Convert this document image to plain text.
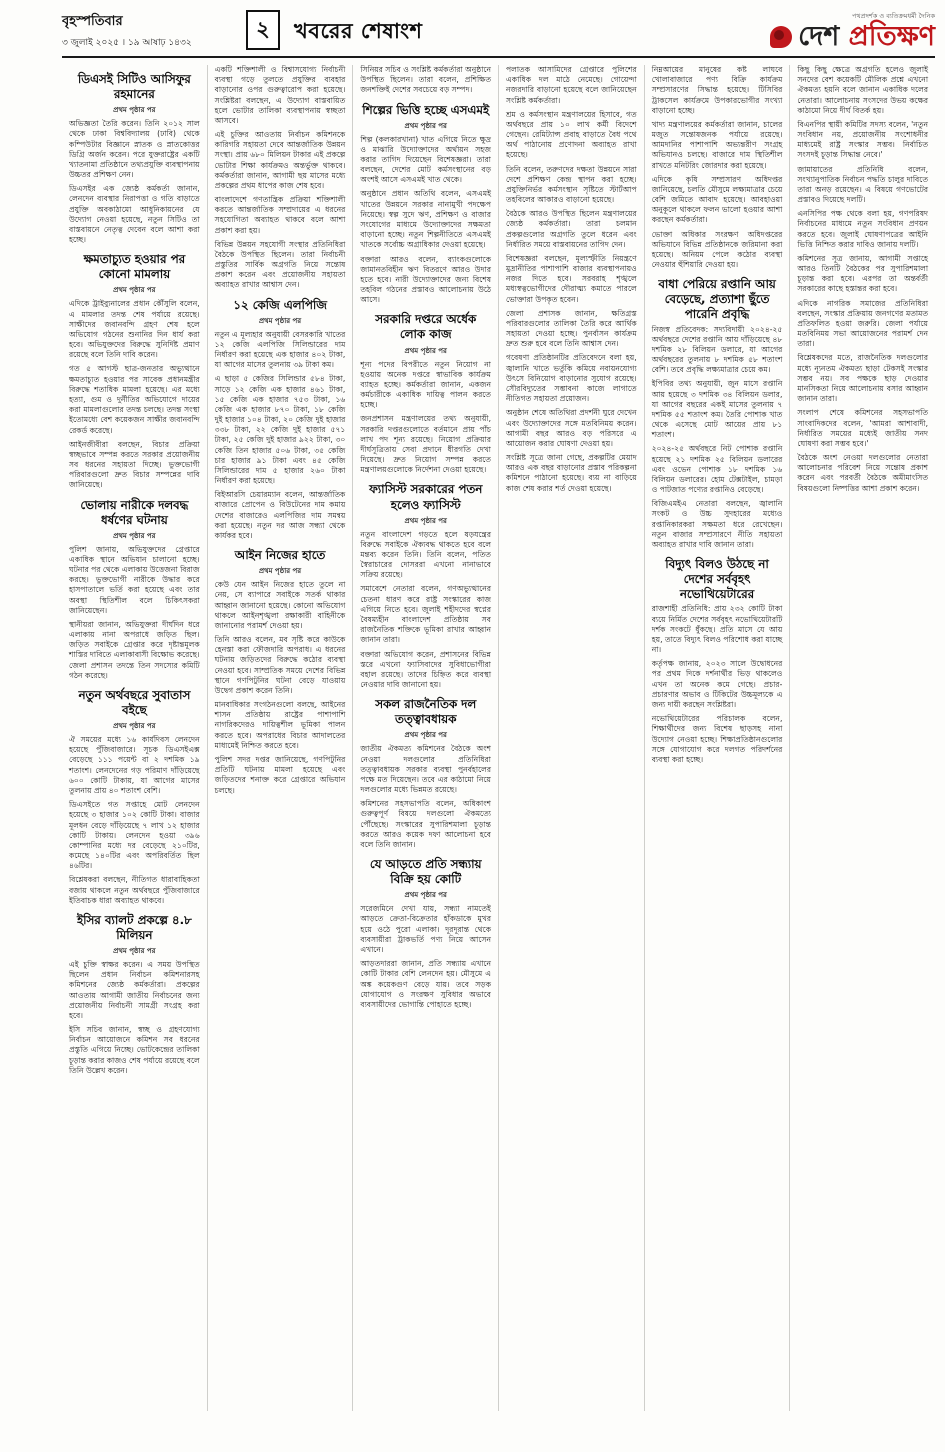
বৃহস্পতিবার
৩ জুলাই ২০২৫ । ১৯ আষাঢ় ১৪৩২
২ খবরের শেষাংশ
পথপ্রদর্শক ও ব্যতিক্রমধর্মী দৈনিক
দেশ প্রতিক্ষণ
ডিএসই সিটিও আসিফুর রহমানের
প্রথম পৃষ্ঠার পর

অভিজ্ঞতা তৈরি করেন। তিনি ২০১২ সাল থেকে ঢাকা বিশ্ববিদ্যালয় (ঢাবি) থেকে কম্পিউটার বিজ্ঞানে স্নাতক ও স্নাতকোত্তর ডিগ্রি অর্জন করেন। পরে যুক্তরাষ্ট্রের একটি খ্যাতনামা প্রতিষ্ঠানে তথ্যপ্রযুক্তি ব্যবস্থাপনায় উচ্চতর প্রশিক্ষণ নেন।

ডিএসইর এক জ্যেষ্ঠ কর্মকর্তা জানান, লেনদেন ব্যবস্থার নিরাপত্তা ও গতি বাড়াতে প্রযুক্তি অবকাঠামো আধুনিকায়নের যে উদ্যোগ নেওয়া হয়েছে, নতুন সিটিও তা বাস্তবায়নে নেতৃত্ব দেবেন বলে আশা করা হচ্ছে।

ক্ষমতাচ্যুত হওয়ার পর কোনো মামলায়
প্রথম পৃষ্ঠার পর

এদিকে ট্রাইব্যুনালের প্রধান কৌঁসুলি বলেন, এ মামলার তদন্ত শেষ পর্যায়ে রয়েছে। সাক্ষীদের জবানবন্দি গ্রহণ শেষ হলে অভিযোগ গঠনের শুনানির দিন ধার্য করা হবে। অভিযুক্তদের বিরুদ্ধে সুনির্দিষ্ট প্রমাণ রয়েছে বলে তিনি দাবি করেন।

গত ৫ আগস্ট ছাত্র-জনতার অভ্যুত্থানে ক্ষমতাচ্যুত হওয়ার পর সাবেক প্রধানমন্ত্রীর বিরুদ্ধে শতাধিক মামলা হয়েছে। এর মধ্যে হত্যা, গুম ও দুর্নীতির অভিযোগে দায়ের করা মামলাগুলোর তদন্ত চলছে। তদন্ত সংস্থা ইতোমধ্যে বেশ কয়েকজন সাক্ষীর জবানবন্দি রেকর্ড করেছে।

আইনজীবীরা বলছেন, বিচার প্রক্রিয়া স্বচ্ছভাবে সম্পন্ন করতে সরকার প্রয়োজনীয় সব ধরনের সহায়তা দিচ্ছে। ভুক্তভোগী পরিবারগুলো দ্রুত বিচার সম্পন্নের দাবি জানিয়েছে।

ভোলায় নারীকে দলবদ্ধ ধর্ষণের ঘটনায়
প্রথম পৃষ্ঠার পর

পুলিশ জানায়, অভিযুক্তদের গ্রেপ্তারে একাধিক স্থানে অভিযান চালানো হচ্ছে। ঘটনার পর থেকে এলাকায় উত্তেজনা বিরাজ করছে। ভুক্তভোগী নারীকে উদ্ধার করে হাসপাতালে ভর্তি করা হয়েছে এবং তার অবস্থা স্থিতিশীল বলে চিকিৎসকরা জানিয়েছেন।

স্থানীয়রা জানান, অভিযুক্তরা দীর্ঘদিন ধরে এলাকায় নানা অপরাধে জড়িত ছিল। জড়িত সবাইকে গ্রেপ্তার করে দৃষ্টান্তমূলক শাস্তির দাবিতে এলাকাবাসী বিক্ষোভ করেছে। জেলা প্রশাসন তদন্তে তিন সদস্যের কমিটি গঠন করেছে।

নতুন অর্থবছরে সুবাতাস বইছে
প্রথম পৃষ্ঠার পর

ঐ সময়ের মধ্যে ১৬ কার্যদিবস লেনদেন হয়েছে পুঁজিবাজারে। সূচক ডিএসইএক্স বেড়েছে ১১১ পয়েন্ট বা ২ দশমিক ১৯ শতাংশ। লেনদেনের গড় পরিমাণ দাঁড়িয়েছে ৬০০ কোটি টাকায়, যা আগের মাসের তুলনায় প্রায় ৪০ শতাংশ বেশি।

ডিএসইতে গত সপ্তাহে মোট লেনদেন হয়েছে ৩ হাজার ১০২ কোটি টাকা। বাজার মূলধন বেড়ে দাঁড়িয়েছে ৭ লাখ ১২ হাজার কোটি টাকায়। লেনদেন হওয়া ৩৯৬ কোম্পানির মধ্যে দর বেড়েছে ২১০টির, কমেছে ১৪০টির এবং অপরিবর্তিত ছিল ৪৬টির।

বিশ্লেষকরা বলছেন, নীতিগত ধারাবাহিকতা বজায় থাকলে নতুন অর্থবছরে পুঁজিবাজারে ইতিবাচক ধারা অব্যাহত থাকবে।

ইসির ব্যালট প্রকল্পে ৪.৮ মিলিয়ন
প্রথম পৃষ্ঠার পর

এই চুক্তি স্বাক্ষর করেন। এ সময় উপস্থিত ছিলেন প্রধান নির্বাচন কমিশনারসহ কমিশনের জ্যেষ্ঠ কর্মকর্তারা। প্রকল্পের আওতায় আগামী জাতীয় নির্বাচনের জন্য প্রয়োজনীয় নির্বাচনী সামগ্রী সংগ্রহ করা হবে।

ইসি সচিব জানান, স্বচ্ছ ও গ্রহণযোগ্য নির্বাচন আয়োজনে কমিশন সব ধরনের প্রস্তুতি এগিয়ে নিচ্ছে। ভোটকেন্দ্রের তালিকা চূড়ান্ত করার কাজও শেষ পর্যায়ে রয়েছে বলে তিনি উল্লেখ করেন।

একটি শক্তিশালী ও বিশ্বাসযোগ্য নির্বাচনী ব্যবস্থা গড়ে তুলতে প্রযুক্তির ব্যবহার বাড়ানোর ওপর গুরুত্বারোপ করা হয়েছে। সংশ্লিষ্টরা বলছেন, এ উদ্যোগ বাস্তবায়িত হলে ভোটার তালিকা ব্যবস্থাপনায় স্বচ্ছতা আসবে।

এই চুক্তির আওতায় নির্বাচন কমিশনকে কারিগরি সহায়তা দেবে আন্তর্জাতিক উন্নয়ন সংস্থা। প্রায় ৬৮০ মিলিয়ন টাকার এই প্রকল্পে ভোটার শিক্ষা কার্যক্রমও অন্তর্ভুক্ত থাকবে। কর্মকর্তারা জানান, আগামী ছয় মাসের মধ্যে প্রকল্পের প্রথম ধাপের কাজ শেষ হবে।

বাংলাদেশে গণতান্ত্রিক প্রক্রিয়া শক্তিশালী করতে আন্তর্জাতিক সম্প্রদায়ের এ ধরনের সহযোগিতা অব্যাহত থাকবে বলে আশা প্রকাশ করা হয়।

বিভিন্ন উন্নয়ন সহযোগী সংস্থার প্রতিনিধিরা বৈঠকে উপস্থিত ছিলেন। তারা নির্বাচনী প্রস্তুতির সার্বিক অগ্রগতি নিয়ে সন্তোষ প্রকাশ করেন এবং প্রয়োজনীয় সহায়তা অব্যাহত রাখার আশ্বাস দেন।

১২ কেজি এলপিজি
প্রথম পৃষ্ঠার পর

নতুন এ মূল্যহার অনুযায়ী বেসরকারি খাতের ১২ কেজি এলপিজি সিলিন্ডারের দাম নির্ধারণ করা হয়েছে এক হাজার ৪০২ টাকা, যা আগের মাসের তুলনায় ৩৯ টাকা কম।

এ ছাড়া ৫ কেজির সিলিন্ডার ৫৮৪ টাকা, সাড়ে ১২ কেজি এক হাজার ৪৬১ টাকা, ১৫ কেজি এক হাজার ৭৫৩ টাকা, ১৬ কেজি এক হাজার ৮৭০ টাকা, ১৮ কেজি দুই হাজার ১০৪ টাকা, ২০ কেজি দুই হাজার ৩৩৮ টাকা, ২২ কেজি দুই হাজার ৫৭১ টাকা, ২৫ কেজি দুই হাজার ৯২২ টাকা, ৩০ কেজি তিন হাজার ৫০৬ টাকা, ৩৫ কেজি চার হাজার ৯১ টাকা এবং ৪৫ কেজি সিলিন্ডারের দাম ৫ হাজার ২৬০ টাকা নির্ধারণ করা হয়েছে।

বিইআরসি চেয়ারম্যান বলেন, আন্তর্জাতিক বাজারে প্রোপেন ও বিউটেনের দাম কমায় দেশের বাজারেও এলপিজির দাম সমন্বয় করা হয়েছে। নতুন দর আজ সন্ধ্যা থেকে কার্যকর হবে।

আইন নিজের হাতে
প্রথম পৃষ্ঠার পর

কেউ যেন আইন নিজের হাতে তুলে না নেয়, সে ব্যাপারে সবাইকে সতর্ক থাকার আহ্বান জানানো হয়েছে। কোনো অভিযোগ থাকলে আইনশৃঙ্খলা রক্ষাকারী বাহিনীকে জানানোর পরামর্শ দেওয়া হয়।

তিনি আরও বলেন, মব সৃষ্টি করে কাউকে হেনস্তা করা ফৌজদারি অপরাধ। এ ধরনের ঘটনায় জড়িতদের বিরুদ্ধে কঠোর ব্যবস্থা নেওয়া হবে। সাম্প্রতিক সময়ে দেশের বিভিন্ন স্থানে গণপিটুনির ঘটনা বেড়ে যাওয়ায় উদ্বেগ প্রকাশ করেন তিনি।

মানবাধিকার সংগঠনগুলো বলছে, আইনের শাসন প্রতিষ্ঠায় রাষ্ট্রের পাশাপাশি নাগরিকদেরও দায়িত্বশীল ভূমিকা পালন করতে হবে। অপরাধের বিচার আদালতের মাধ্যমেই নিশ্চিত করতে হবে।

পুলিশ সদর দপ্তর জানিয়েছে, গণপিটুনির প্রতিটি ঘটনায় মামলা হয়েছে এবং জড়িতদের শনাক্ত করে গ্রেপ্তারে অভিযান চলছে।

সিনিয়র সচিব ও সংশ্লিষ্ট কর্মকর্তারা অনুষ্ঠানে উপস্থিত ছিলেন। তারা বলেন, প্রশিক্ষিত জনশক্তিই দেশের সবচেয়ে বড় সম্পদ।

শিল্পের ভিত্তি হচ্ছে এসএমই
প্রথম পৃষ্ঠার পর

শিল্প (কলকারখানা) খাত এগিয়ে নিতে ক্ষুদ্র ও মাঝারি উদ্যোক্তাদের অর্থায়ন সহজ করার তাগিদ দিয়েছেন বিশেষজ্ঞরা। তারা বলছেন, দেশের মোট কর্মসংস্থানের বড় অংশই আসে এসএমই খাত থেকে।

অনুষ্ঠানে প্রধান অতিথি বলেন, এসএমই খাতের উন্নয়নে সরকার নানামুখী পদক্ষেপ নিয়েছে। স্বল্প সুদে ঋণ, প্রশিক্ষণ ও বাজার সংযোগের মাধ্যমে উদ্যোক্তাদের সক্ষমতা বাড়ানো হচ্ছে। নতুন শিল্পনীতিতে এসএমই খাতকে সর্বোচ্চ অগ্রাধিকার দেওয়া হয়েছে।

বক্তারা আরও বলেন, ব্যাংকগুলোকে জামানতবিহীন ঋণ বিতরণে আরও উদার হতে হবে। নারী উদ্যোক্তাদের জন্য বিশেষ তহবিল গঠনের প্রস্তাবও আলোচনায় উঠে আসে।

সরকারি দপ্তরে অর্ধেক লোক কাজ
প্রথম পৃষ্ঠার পর

শূন্য পদের বিপরীতে নতুন নিয়োগ না হওয়ায় অনেক দপ্তরে স্বাভাবিক কার্যক্রম ব্যাহত হচ্ছে। কর্মকর্তারা জানান, একজন কর্মচারীকে একাধিক দায়িত্ব পালন করতে হচ্ছে।

জনপ্রশাসন মন্ত্রণালয়ের তথ্য অনুযায়ী, সরকারি দপ্তরগুলোতে বর্তমানে প্রায় পাঁচ লাখ পদ শূন্য রয়েছে। নিয়োগ প্রক্রিয়ার দীর্ঘসূত্রিতায় সেবা প্রদানে ধীরগতি দেখা দিয়েছে। দ্রুত নিয়োগ সম্পন্ন করতে মন্ত্রণালয়গুলোকে নির্দেশনা দেওয়া হয়েছে।

ফ্যাসিস্ট সরকারের পতন হলেও ফ্যাসিস্ট
প্রথম পৃষ্ঠার পর

নতুন বাংলাদেশ গড়তে হলে ষড়যন্ত্রের বিরুদ্ধে সবাইকে ঐক্যবদ্ধ থাকতে হবে বলে মন্তব্য করেন তিনি। তিনি বলেন, পতিত স্বৈরাচারের দোসররা এখনো নানাভাবে সক্রিয় রয়েছে।

সমাবেশে নেতারা বলেন, গণঅভ্যুত্থানের চেতনা ধারণ করে রাষ্ট্র সংস্কারের কাজ এগিয়ে নিতে হবে। জুলাই শহীদদের স্বপ্নের বৈষম্যহীন বাংলাদেশ প্রতিষ্ঠায় সব রাজনৈতিক শক্তিকে ভূমিকা রাখার আহ্বান জানান তারা।

বক্তারা অভিযোগ করেন, প্রশাসনের বিভিন্ন স্তরে এখনো ফ্যাসিবাদের সুবিধাভোগীরা বহাল রয়েছে। তাদের চিহ্নিত করে ব্যবস্থা নেওয়ার দাবি জানানো হয়।

সকল রাজনৈতিক দল তত্ত্বাবধায়ক
প্রথম পৃষ্ঠার পর

জাতীয় ঐকমত্য কমিশনের বৈঠকে অংশ নেওয়া দলগুলোর প্রতিনিধিরা তত্ত্বাবধায়ক সরকার ব্যবস্থা পুনর্বহালের পক্ষে মত দিয়েছেন। তবে এর কাঠামো নিয়ে দলগুলোর মধ্যে ভিন্নমত রয়েছে।

কমিশনের সহসভাপতি বলেন, অধিকাংশ গুরুত্বপূর্ণ বিষয়ে দলগুলো ঐকমত্যে পৌঁছেছে। সংস্কারের সুপারিশমালা চূড়ান্ত করতে আরও কয়েক দফা আলোচনা হবে বলে তিনি জানান।

যে আড়তে প্রতি সন্ধ্যায় বিক্রি হয় কোটি
প্রথম পৃষ্ঠার পর

সরেজমিনে দেখা যায়, সন্ধ্যা নামতেই আড়তে ক্রেতা-বিক্রেতার হাঁকডাকে মুখর হয়ে ওঠে পুরো এলাকা। দূরদূরান্ত থেকে ব্যবসায়ীরা ট্রাকভর্তি পণ্য নিয়ে আসেন এখানে।

আড়তদাররা জানান, প্রতি সন্ধ্যায় এখানে কোটি টাকার বেশি লেনদেন হয়। মৌসুমে এ অঙ্ক কয়েকগুণ বেড়ে যায়। তবে সড়ক যোগাযোগ ও সংরক্ষণ সুবিধার অভাবে ব্যবসায়ীদের ভোগান্তি পোহাতে হচ্ছে।

পলাতক আসামিদের গ্রেপ্তারে পুলিশের একাধিক দল মাঠে নেমেছে। গোয়েন্দা নজরদারি বাড়ানো হয়েছে বলে জানিয়েছেন সংশ্লিষ্ট কর্মকর্তারা।

শ্রম ও কর্মসংস্থান মন্ত্রণালয়ের হিসাবে, গত অর্থবছরে প্রায় ১০ লাখ কর্মী বিদেশে গেছেন। রেমিট্যান্স প্রবাহ বাড়াতে বৈধ পথে অর্থ পাঠানোয় প্রণোদনা অব্যাহত রাখা হয়েছে।

তিনি বলেন, তরুণদের দক্ষতা উন্নয়নে সারা দেশে প্রশিক্ষণ কেন্দ্র স্থাপন করা হচ্ছে। প্রযুক্তিনির্ভর কর্মসংস্থান সৃষ্টিতে স্টার্টআপ তহবিলের আকারও বাড়ানো হয়েছে।

বৈঠকে আরও উপস্থিত ছিলেন মন্ত্রণালয়ের জ্যেষ্ঠ কর্মকর্তারা। তারা চলমান প্রকল্পগুলোর অগ্রগতি তুলে ধরেন এবং নির্ধারিত সময়ে বাস্তবায়নের তাগিদ দেন।

বিশেষজ্ঞরা বলছেন, মূল্যস্ফীতি নিয়ন্ত্রণে মুদ্রানীতির পাশাপাশি বাজার ব্যবস্থাপনায়ও নজর দিতে হবে। সরবরাহ শৃঙ্খলে মধ্যস্বত্বভোগীদের দৌরাত্ম্য কমাতে পারলে ভোক্তারা উপকৃত হবেন।

জেলা প্রশাসক জানান, ক্ষতিগ্রস্ত পরিবারগুলোর তালিকা তৈরি করে আর্থিক সহায়তা দেওয়া হচ্ছে। পুনর্বাসন কার্যক্রম দ্রুত শুরু হবে বলে তিনি আশ্বাস দেন।

গবেষণা প্রতিষ্ঠানটির প্রতিবেদনে বলা হয়, জ্বালানি খাতে ভর্তুকি কমিয়ে নবায়নযোগ্য উৎসে বিনিয়োগ বাড়ানোর সুযোগ রয়েছে। সৌরবিদ্যুতের সম্ভাবনা কাজে লাগাতে নীতিগত সহায়তা প্রয়োজন।

অনুষ্ঠান শেষে অতিথিরা প্রদর্শনী ঘুরে দেখেন এবং উদ্যোক্তাদের সঙ্গে মতবিনিময় করেন। আগামী বছর আরও বড় পরিসরে এ আয়োজন করার ঘোষণা দেওয়া হয়।

সংশ্লিষ্ট সূত্রে জানা গেছে, প্রকল্পটির মেয়াদ আরও এক বছর বাড়ানোর প্রস্তাব পরিকল্পনা কমিশনে পাঠানো হয়েছে। ব্যয় না বাড়িয়ে কাজ শেষ করার শর্ত দেওয়া হয়েছে।

নিম্নআয়ের মানুষের কষ্ট লাঘবে খোলাবাজারে পণ্য বিক্রি কার্যক্রম সম্প্রসারণের সিদ্ধান্ত হয়েছে। টিসিবির ট্রাকসেল কার্যক্রমে উপকারভোগীর সংখ্যা বাড়ানো হচ্ছে।

খাদ্য মন্ত্রণালয়ের কর্মকর্তারা জানান, চালের মজুত সন্তোষজনক পর্যায়ে রয়েছে। আমদানির পাশাপাশি অভ্যন্তরীণ সংগ্রহ অভিযানও চলছে। বাজারে দাম স্থিতিশীল রাখতে মনিটরিং জোরদার করা হয়েছে।

এদিকে কৃষি সম্প্রসারণ অধিদপ্তর জানিয়েছে, চলতি মৌসুমে লক্ষ্যমাত্রার চেয়ে বেশি জমিতে আবাদ হয়েছে। আবহাওয়া অনুকূলে থাকলে ফলন ভালো হওয়ার আশা করছেন কর্মকর্তারা।

ভোক্তা অধিকার সংরক্ষণ অধিদপ্তরের অভিযানে বিভিন্ন প্রতিষ্ঠানকে জরিমানা করা হয়েছে। অনিয়ম পেলে কঠোর ব্যবস্থা নেওয়ার হুঁশিয়ারি দেওয়া হয়।

বাধা পেরিয়ে রপ্তানি আয় বেড়েছে, প্রত্যাশা ছুঁতে পারেনি প্রবৃদ্ধি

নিজস্ব প্রতিবেদক: সদ্যবিদায়ী ২০২৪-২৫ অর্থবছরে দেশের রপ্তানি আয় দাঁড়িয়েছে ৪৮ দশমিক ২৮ বিলিয়ন ডলারে, যা আগের অর্থবছরের তুলনায় ৮ দশমিক ৫৮ শতাংশ বেশি। তবে প্রবৃদ্ধি লক্ষ্যমাত্রার চেয়ে কম।

ইপিবির তথ্য অনুযায়ী, জুন মাসে রপ্তানি আয় হয়েছে ৩ দশমিক ৩৪ বিলিয়ন ডলার, যা আগের বছরের একই মাসের তুলনায় ৭ দশমিক ৫৫ শতাংশ কম। তৈরি পোশাক খাত থেকে এসেছে মোট আয়ের প্রায় ৮১ শতাংশ।

২০২৪-২৫ অর্থবছরে নিট পোশাক রপ্তানি হয়েছে ২১ দশমিক ২৫ বিলিয়ন ডলারের এবং ওভেন পোশাক ১৮ দশমিক ১৬ বিলিয়ন ডলারের। হোম টেক্সটাইল, চামড়া ও পাটজাত পণ্যের রপ্তানিও বেড়েছে।

বিজিএমইএ নেতারা বলছেন, জ্বালানি সংকট ও উচ্চ সুদহারের মধ্যেও রপ্তানিকারকরা সক্ষমতা ধরে রেখেছেন। নতুন বাজার সম্প্রসারণে নীতি সহায়তা অব্যাহত রাখার দাবি জানান তারা।

বিদ্যুৎ বিলও উঠছে না দেশের সর্ববৃহৎ নভোথিয়েটারের

রাজশাহী প্রতিনিধি: প্রায় ২৩২ কোটি টাকা ব্যয়ে নির্মিত দেশের সর্ববৃহৎ নভোথিয়েটারটি দর্শক সংকটে ধুঁকছে। প্রতি মাসে যে আয় হয়, তাতে বিদ্যুৎ বিলও পরিশোধ করা যাচ্ছে না।

কর্তৃপক্ষ জানায়, ২০২৩ সালে উদ্বোধনের পর প্রথম দিকে দর্শনার্থীর ভিড় থাকলেও এখন তা অনেক কমে গেছে। প্রচার-প্রচারণার অভাব ও টিকিটের উচ্চমূল্যকে এ জন্য দায়ী করছেন সংশ্লিষ্টরা।

নভোথিয়েটারের পরিচালক বলেন, শিক্ষার্থীদের জন্য বিশেষ ছাড়সহ নানা উদ্যোগ নেওয়া হচ্ছে। শিক্ষাপ্রতিষ্ঠানগুলোর সঙ্গে যোগাযোগ করে দলগত পরিদর্শনের ব্যবস্থা করা হচ্ছে।

কিছু কিছু ক্ষেত্রে অগ্রগতি হলেও জুলাই সনদের বেশ কয়েকটি মৌলিক প্রশ্নে এখনো ঐকমত্য হয়নি বলে জানান একাধিক দলের নেতারা। আলোচনায় সংসদের উভয় কক্ষের কাঠামো নিয়ে দীর্ঘ বিতর্ক হয়।

বিএনপির স্থায়ী কমিটির সদস্য বলেন, 'নতুন সংবিধান নয়, প্রয়োজনীয় সংশোধনীর মাধ্যমেই রাষ্ট্র সংস্কার সম্ভব। নির্বাচিত সংসদই চূড়ান্ত সিদ্ধান্ত নেবে।'

জামায়াতের প্রতিনিধি বলেন, সংখ্যানুপাতিক নির্বাচন পদ্ধতি চালুর দাবিতে তারা অনড় রয়েছেন। এ বিষয়ে গণভোটের প্রস্তাবও দিয়েছে দলটি।

এনসিপির পক্ষ থেকে বলা হয়, গণপরিষদ নির্বাচনের মাধ্যমে নতুন সংবিধান প্রণয়ন করতে হবে। জুলাই ঘোষণাপত্রের আইনি ভিত্তি নিশ্চিত করার দাবিও জানায় দলটি।

কমিশনের সূত্র জানায়, আগামী সপ্তাহে আরও তিনটি বৈঠকের পর সুপারিশমালা চূড়ান্ত করা হবে। এরপর তা অন্তর্বর্তী সরকারের কাছে হস্তান্তর করা হবে।

এদিকে নাগরিক সমাজের প্রতিনিধিরা বলছেন, সংস্কার প্রক্রিয়ায় জনগণের মতামত প্রতিফলিত হওয়া জরুরি। জেলা পর্যায়ে মতবিনিময় সভা আয়োজনের পরামর্শ দেন তারা।

বিশ্লেষকদের মতে, রাজনৈতিক দলগুলোর মধ্যে ন্যূনতম ঐকমত্য ছাড়া টেকসই সংস্কার সম্ভব নয়। সব পক্ষকে ছাড় দেওয়ার মানসিকতা নিয়ে আলোচনায় বসার আহ্বান জানান তারা।

সংলাপ শেষে কমিশনের সহসভাপতি সাংবাদিকদের বলেন, 'আমরা আশাবাদী, নির্ধারিত সময়ের মধ্যেই জাতীয় সনদ ঘোষণা করা সম্ভব হবে।'

বৈঠকে অংশ নেওয়া দলগুলোর নেতারা আলোচনার পরিবেশ নিয়ে সন্তোষ প্রকাশ করেন এবং পরবর্তী বৈঠকে অমীমাংসিত বিষয়গুলো নিষ্পত্তির আশা প্রকাশ করেন।
